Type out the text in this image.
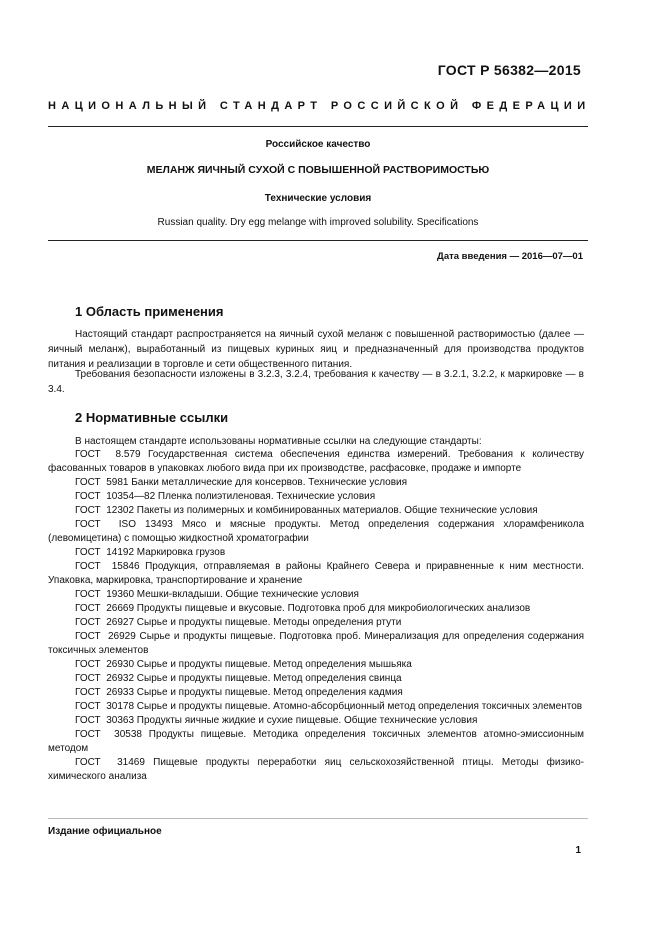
ГОСТ Р 56382—2015
НАЦИОНАЛЬНЫЙ СТАНДАРТ РОССИЙСКОЙ ФЕДЕРАЦИИ
Российское качество
МЕЛАНЖ ЯИЧНЫЙ СУХОЙ С ПОВЫШЕННОЙ РАСТВОРИМОСТЬЮ
Технические условия
Russian quality. Dry egg melange with improved solubility. Specifications
Дата введения — 2016—07—01
1 Область применения
Настоящий стандарт распространяется на яичный сухой меланж с повышенной растворимостью (далее — яичный меланж), выработанный из пищевых куриных яиц и предназначенный для производства продуктов питания и реализации в торговле и сети общественного питания.
Требования безопасности изложены в 3.2.3, 3.2.4, требования к качеству — в 3.2.1, 3.2.2, к маркировке — в 3.4.
2 Нормативные ссылки
В настоящем стандарте использованы нормативные ссылки на следующие стандарты:
ГОСТ 8.579 Государственная система обеспечения единства измерений. Требования к количеству фасованных товаров в упаковках любого вида при их производстве, расфасовке, продаже и импорте
ГОСТ 5981 Банки металлические для консервов. Технические условия
ГОСТ 10354—82 Пленка полиэтиленовая. Технические условия
ГОСТ 12302 Пакеты из полимерных и комбинированных материалов. Общие технические условия
ГОСТ ISO 13493 Мясо и мясные продукты. Метод определения содержания хлорамфеникола (левомицетина) с помощью жидкостной хроматографии
ГОСТ 14192 Маркировка грузов
ГОСТ 15846 Продукция, отправляемая в районы Крайнего Севера и приравненные к ним местности. Упаковка, маркировка, транспортирование и хранение
ГОСТ 19360 Мешки-вкладыши. Общие технические условия
ГОСТ 26669 Продукты пищевые и вкусовые. Подготовка проб для микробиологических анализов
ГОСТ 26927 Сырье и продукты пищевые. Методы определения ртути
ГОСТ 26929 Сырье и продукты пищевые. Подготовка проб. Минерализация для определения содержания токсичных элементов
ГОСТ 26930 Сырье и продукты пищевые. Метод определения мышьяка
ГОСТ 26932 Сырье и продукты пищевые. Метод определения свинца
ГОСТ 26933 Сырье и продукты пищевые. Метод определения кадмия
ГОСТ 30178 Сырье и продукты пищевые. Атомно-абсорбционный метод определения токсичных элементов
ГОСТ 30363 Продукты яичные жидкие и сухие пищевые. Общие технические условия
ГОСТ 30538 Продукты пищевые. Методика определения токсичных элементов атомно-эмиссионным методом
ГОСТ 31469 Пищевые продукты переработки яиц сельскохозяйственной птицы. Методы физико-химического анализа
Издание официальное
1
